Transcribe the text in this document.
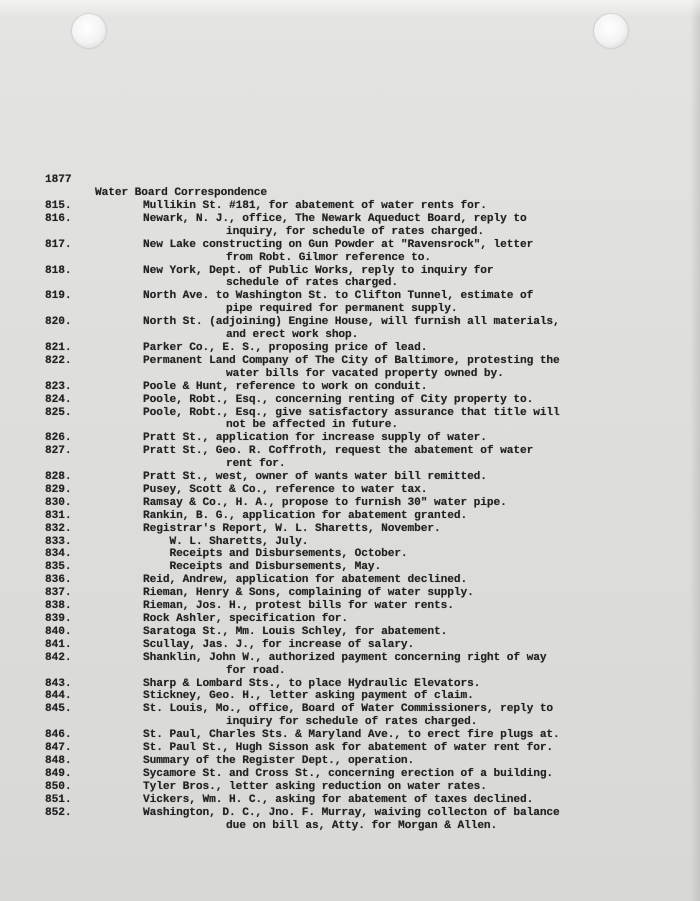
1877
Water Board Correspondence
815.	Mullikin St. #181, for abatement of water rents for.
816.	Newark, N. J., office, The Newark Aqueduct Board, reply to
inquiry, for schedule of rates charged.
817.	New Lake constructing on Gun Powder at "Ravensrock", letter
from Robt. Gilmor reference to.
818.	New York, Dept. of Public Works, reply to inquiry for
schedule of rates charged.
819.	North Ave. to Washington St. to Clifton Tunnel, estimate of
pipe required for permanent supply.
820.	North St. (adjoining) Engine House, will furnish all materials,
and erect work shop.
821.	Parker Co., E. S., proposing price of lead.
822.	Permanent Land Company of The City of Baltimore, protesting the
water bills for vacated property owned by.
823.	Poole & Hunt, reference to work on conduit.
824.	Poole, Robt., Esq., concerning renting of City property to.
825.	Poole, Robt., Esq., give satisfactory assurance that title will
not be affected in future.
826.	Pratt St., application for increase supply of water.
827.	Pratt St., Geo. R. Coffroth, request the abatement of water
rent for.
828.	Pratt St., west, owner of wants water bill remitted.
829.	Pusey, Scott & Co., reference to water tax.
830.	Ramsay & Co., H. A., propose to furnish 30" water pipe.
831.	Rankin, B. G., application for abatement granted.
832.	Registrar's Report, W. L. Sharetts, November.
833.	W. L. Sharetts, July.
834.	Receipts and Disbursements, October.
835.	Receipts and Disbursements, May.
836.	Reid, Andrew, application for abatement declined.
837.	Rieman, Henry & Sons, complaining of water supply.
838.	Rieman, Jos. H., protest bills for water rents.
839.	Rock Ashler, specification for.
840.	Saratoga St., Mm. Louis Schley, for abatement.
841.	Scullay, Jas. J., for increase of salary.
842.	Shanklin, John W., authorized payment concerning right of way
for road.
843.	Sharp & Lombard Sts., to place Hydraulic Elevators.
844.	Stickney, Geo. H., letter asking payment of claim.
845.	St. Louis, Mo., office, Board of Water Commissioners, reply to
inquiry for schedule of rates charged.
846.	St. Paul, Charles Sts. & Maryland Ave., to erect fire plugs at.
847.	St. Paul St., Hugh Sisson ask for abatement of water rent for.
848.	Summary of the Register Dept., operation.
849.	Sycamore St. and Cross St., concerning erection of a building.
850.	Tyler Bros., letter asking reduction on water rates.
851.	Vickers, Wm. H. C., asking for abatement of taxes declined.
852.	Washington, D. C., Jno. F. Murray, waiving collecton of balance
due on bill as, Atty. for Morgan & Allen.
